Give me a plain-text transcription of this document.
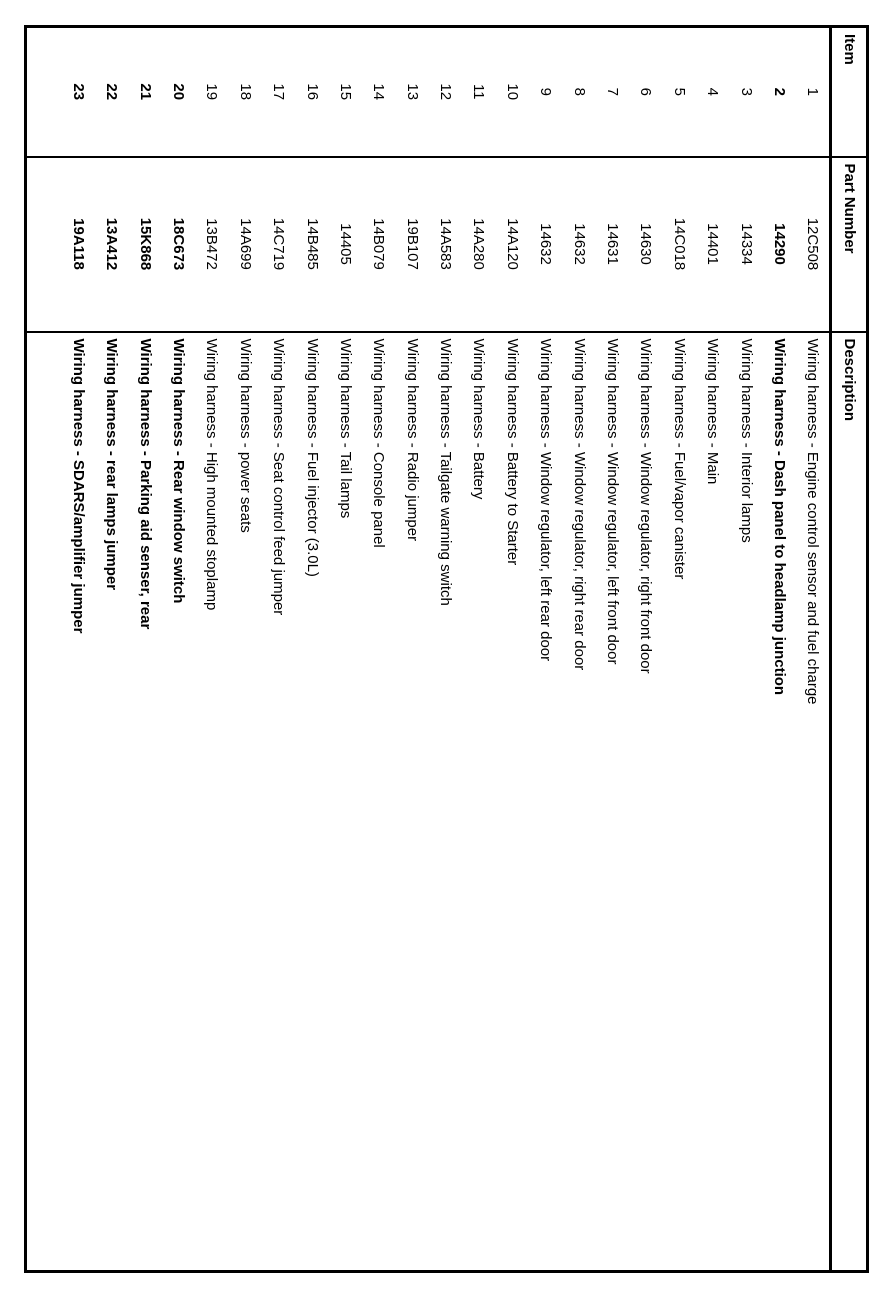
Item	Part Number	Description
1	12C508	Wiring harness - Engine control sensor and fuel charge
2	14290	Wiring harness - Dash panel to headlamp junction
3	14334	Wiring harness - Interior lamps
4	14401	Wiring harness - Main
5	14C018	Wiring harness - Fuel/vapor canister
6	14630	Wiring harness - Window regulator, right front door
7	14631	Wiring harness - Window regulator, left front door
8	14632	Wiring harness - Window regulator, right rear door
9	14632	Wiring harness - Window regulator, left rear door
10	14A120	Wiring harness - Battery to Starter
11	14A280	Wiring harness - Battery
12	14A583	Wiring harness - Tailgate warning switch
13	19B107	Wiring harness - Radio jumper
14	14B079	Wiring harness - Console panel
15	14405	Wiring harness - Tail lamps
16	14B485	Wiring harness - Fuel injector (3.0L)
17	14C719	Wiring harness - Seat control feed jumper
18	14A699	Wiring harness - power seats
19	13B472	Wiring harness - High mounted stoplamp
20	18C673	Wiring harness - Rear window switch
21	15K868	Wiring harness - Parking aid senser, rear
22	13A412	Wiring harness - rear lamps jumper
23	19A118	Wiring harness - SDARS/amplifier jumper
